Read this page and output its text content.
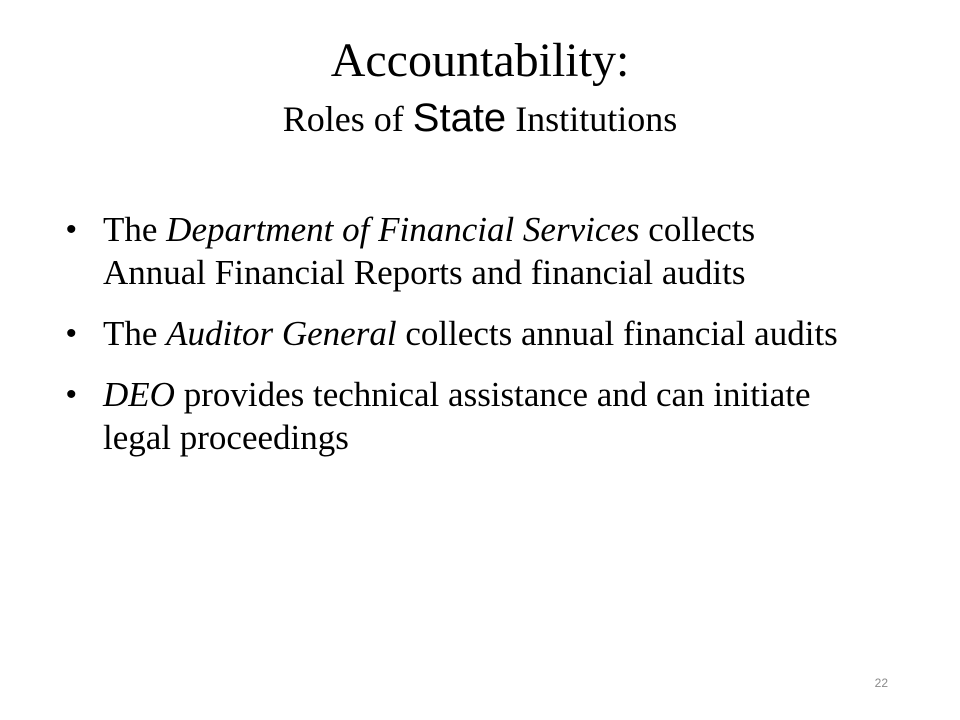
Accountability:
Roles of State Institutions
• The Department of Financial Services collects Annual Financial Reports and financial audits
• The Auditor General collects annual financial audits
• DEO provides technical assistance and can initiate legal proceedings
22
